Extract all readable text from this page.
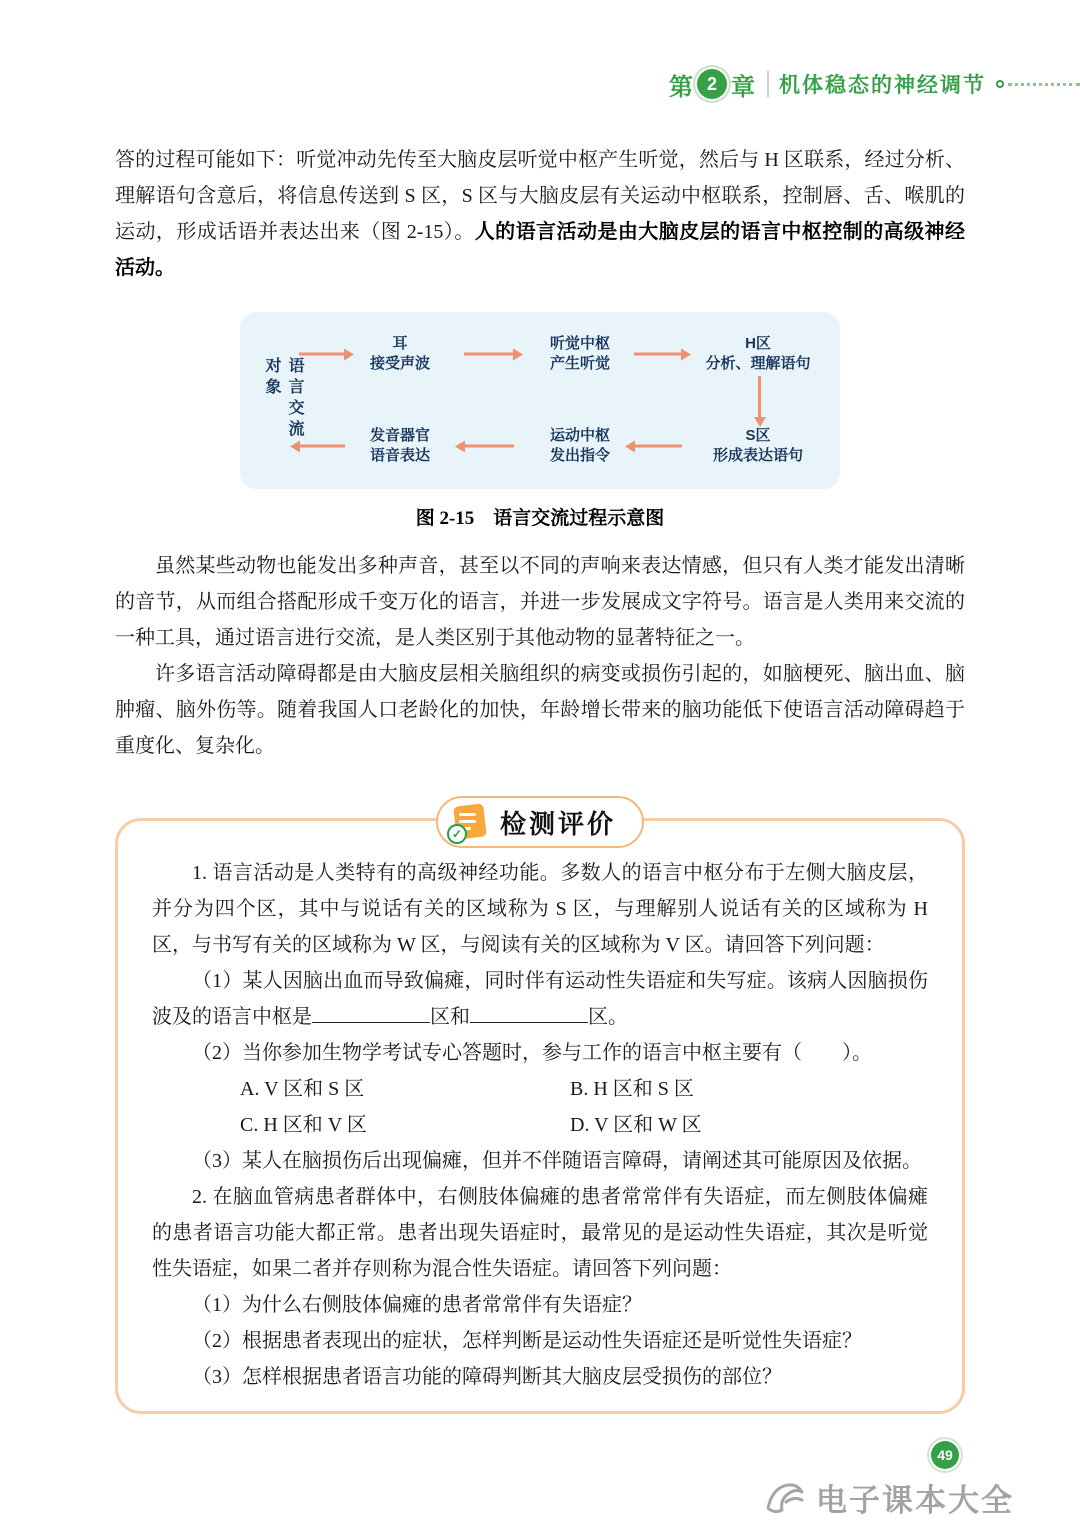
第 2 章 机体稳态的神经调节

答的过程可能如下：听觉冲动先传至大脑皮层听觉中枢产生听觉，然后与 H 区联系，经过分析、理解语句含意后，将信息传送到 S 区，S 区与大脑皮层有关运动中枢联系，控制唇、舌、喉肌的运动，形成话语并表达出来（图 2-15）。人的语言活动是由大脑皮层的语言中枢控制的高级神经活动。

语言交流对象
耳
接受声波
听觉中枢
产生听觉
H区
分析、理解语句
发音器官
语音表达
运动中枢
发出指令
S区
形成表达语句
图 2-15　语言交流过程示意图

虽然某些动物也能发出多种声音，甚至以不同的声响来表达情感，但只有人类才能发出清晰的音节，从而组合搭配形成千变万化的语言，并进一步发展成文字符号。语言是人类用来交流的一种工具，通过语言进行交流，是人类区别于其他动物的显著特征之一。

许多语言活动障碍都是由大脑皮层相关脑组织的病变或损伤引起的，如脑梗死、脑出血、脑肿瘤、脑外伤等。随着我国人口老龄化的加快，年龄增长带来的脑功能低下使语言活动障碍趋于重度化、复杂化。

✓ 检测评价

1. 语言活动是人类特有的高级神经功能。多数人的语言中枢分布于左侧大脑皮层，并分为四个区，其中与说话有关的区域称为 S 区，与理解别人说话有关的区域称为 H 区，与书写有关的区域称为 W 区，与阅读有关的区域称为 V 区。请回答下列问题：

（1）某人因脑出血而导致偏瘫，同时伴有运动性失语症和失写症。该病人因脑损伤波及的语言中枢是	区和	区。

（2）当你参加生物学考试专心答题时，参与工作的语言中枢主要有（　　）。

A. V 区和 S 区	B. H 区和 S 区
C. H 区和 V 区	D. V 区和 W 区

（3）某人在脑损伤后出现偏瘫，但并不伴随语言障碍，请阐述其可能原因及依据。

2. 在脑血管病患者群体中，右侧肢体偏瘫的患者常常伴有失语症，而左侧肢体偏瘫的患者语言功能大都正常。患者出现失语症时，最常见的是运动性失语症，其次是听觉性失语症，如果二者并存则称为混合性失语症。请回答下列问题：

（1）为什么右侧肢体偏瘫的患者常常伴有失语症？

（2）根据患者表现出的症状，怎样判断是运动性失语症还是听觉性失语症？

（3）怎样根据患者语言功能的障碍判断其大脑皮层受损伤的部位？

49
电子课本大全
